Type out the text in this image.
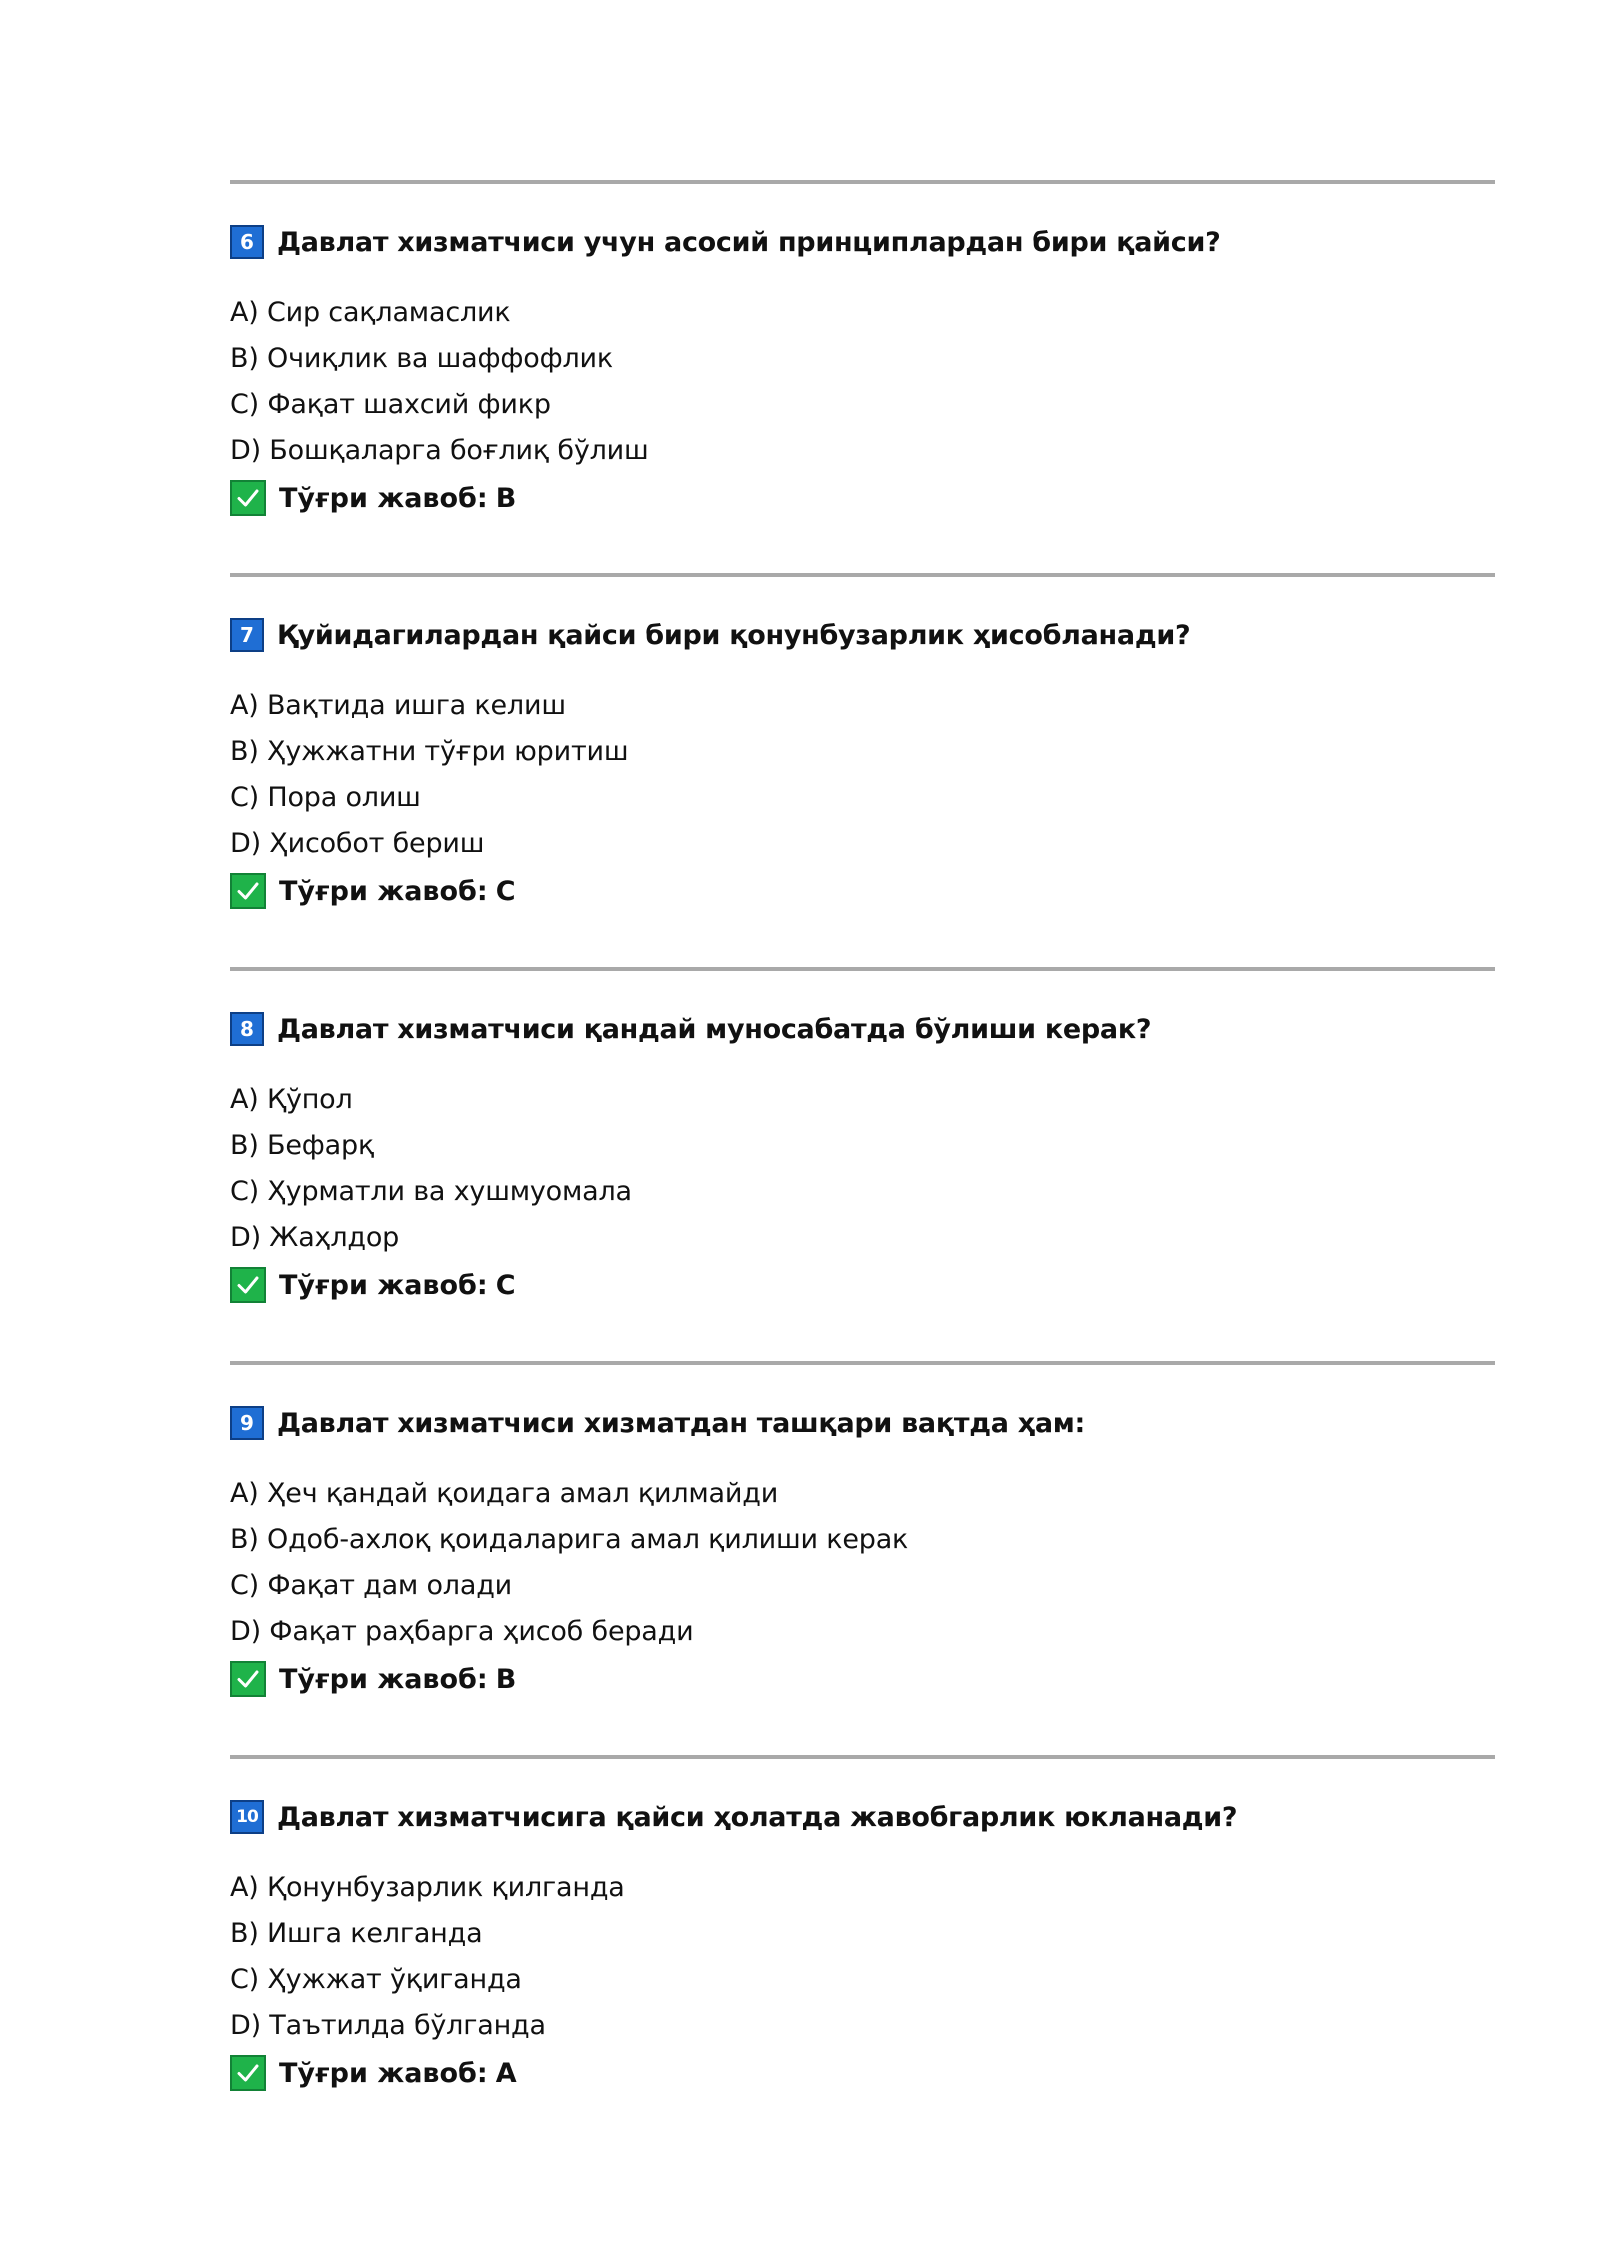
6 Давлат хизматчиси учун асосий принциплардан бири қайси?
A) Сир сақламаслик
B) Очиқлик ва шаффофлик
C) Фақат шахсий фикр
D) Бошқаларга боғлиқ бўлиш
Тўғри жавоб: B
7 Қуйидагилардан қайси бири қонунбузарлик ҳисобланади?
A) Вақтида ишга келиш
B) Ҳужжатни тўғри юритиш
C) Пора олиш
D) Ҳисобот бериш
Тўғри жавоб: C
8 Давлат хизматчиси қандай муносабатда бўлиши керак?
A) Қўпол
B) Бефарқ
C) Ҳурматли ва хушмуомала
D) Жаҳлдор
Тўғри жавоб: C
9 Давлат хизматчиси хизматдан ташқари вақтда ҳам:
A) Ҳеч қандай қоидага амал қилмайди
B) Одоб-ахлоқ қоидаларига амал қилиши керак
C) Фақат дам олади
D) Фақат раҳбарга ҳисоб беради
Тўғри жавоб: B
10 Давлат хизматчисига қайси ҳолатда жавобгарлик юкланади?
A) Қонунбузарлик қилганда
B) Ишга келганда
C) Ҳужжат ўқиганда
D) Таътилда бўлганда
Тўғри жавоб: A
